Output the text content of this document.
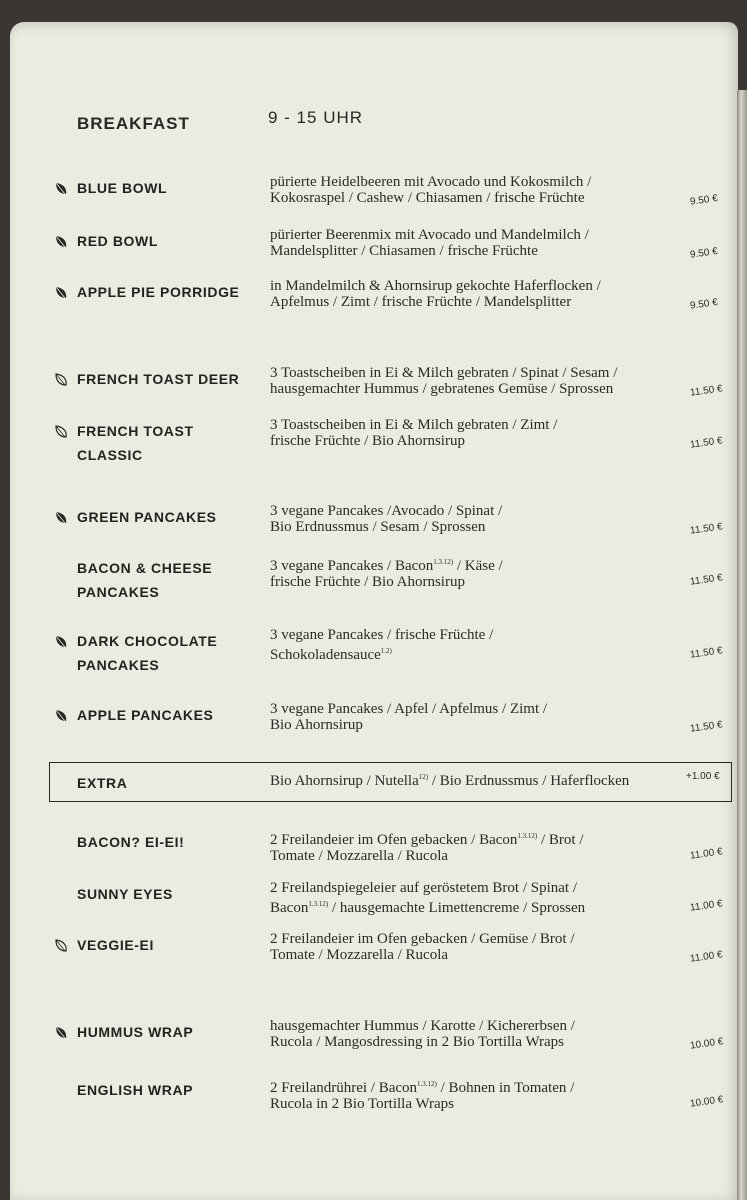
BREAKFAST	9 - 15 UHR
BLUE BOWL	pürierte Heidelbeeren mit Avocado und Kokosmilch /
Kokosraspel / Cashew / Chiasamen / frische Früchte	9.50 €
RED BOWL	pürierter Beerenmix mit Avocado und Mandelmilch /
Mandelsplitter / Chiasamen / frische Früchte	9.50 €
APPLE PIE PORRIDGE	in Mandelmilch & Ahornsirup gekochte Haferflocken /
Apfelmus / Zimt / frische Früchte / Mandelsplitter	9.50 €
FRENCH TOAST DEER	3 Toastscheiben in Ei & Milch gebraten / Spinat / Sesam /
hausgemachter Hummus / gebratenes Gemüse / Sprossen	11.50 €
FRENCH TOAST CLASSIC
3 Toastscheiben in Ei & Milch gebraten / Zimt /
frische Früchte / Bio Ahornsirup	11.50 €
GREEN PANCAKES	3 vegane Pancakes /Avocado / Spinat /
Bio Erdnussmus / Sesam / Sprossen	11.50 €
BACON & CHEESE PANCAKES
3 vegane Pancakes / Bacon$^{1.3.12)}$ / Käse /
frische Früchte / Bio Ahornsirup	11.50 €
DARK CHOCOLATE PANCAKES
3 vegane Pancakes / frische Früchte /
Schokoladensauce$^{1.2)}$	11.50 €
APPLE PANCAKES	3 vegane Pancakes / Apfel / Apfelmus / Zimt /
Bio Ahornsirup	11.50 €
EXTRA	Bio Ahornsirup / Nutella$^{12)}$ / Bio Erdnussmus / Haferflocken	+1.00 €
BACON? EI-EI!	2 Freilandeier im Ofen gebacken / Bacon$^{1.3.12)}$ / Brot /
Tomate / Mozzarella / Rucola	11.00 €
SUNNY EYES	2 Freilandspiegeleier auf geröstetem Brot / Spinat /
Bacon$^{1.3.12)}$ / hausgemachte Limettencreme / Sprossen	11.00 €
VEGGIE-EI	2 Freilandeier im Ofen gebacken / Gemüse / Brot /
Tomate / Mozzarella / Rucola	11.00 €
HUMMUS WRAP	hausgemachter Hummus / Karotte / Kichererbsen /
Rucola / Mangosdressing in 2 Bio Tortilla Wraps	10.00 €
ENGLISH WRAP	2 Freilandrührei / Bacon$^{1.3.12)}$ / Bohnen in Tomaten /
Rucola in 2 Bio Tortilla Wraps	10.00 €
